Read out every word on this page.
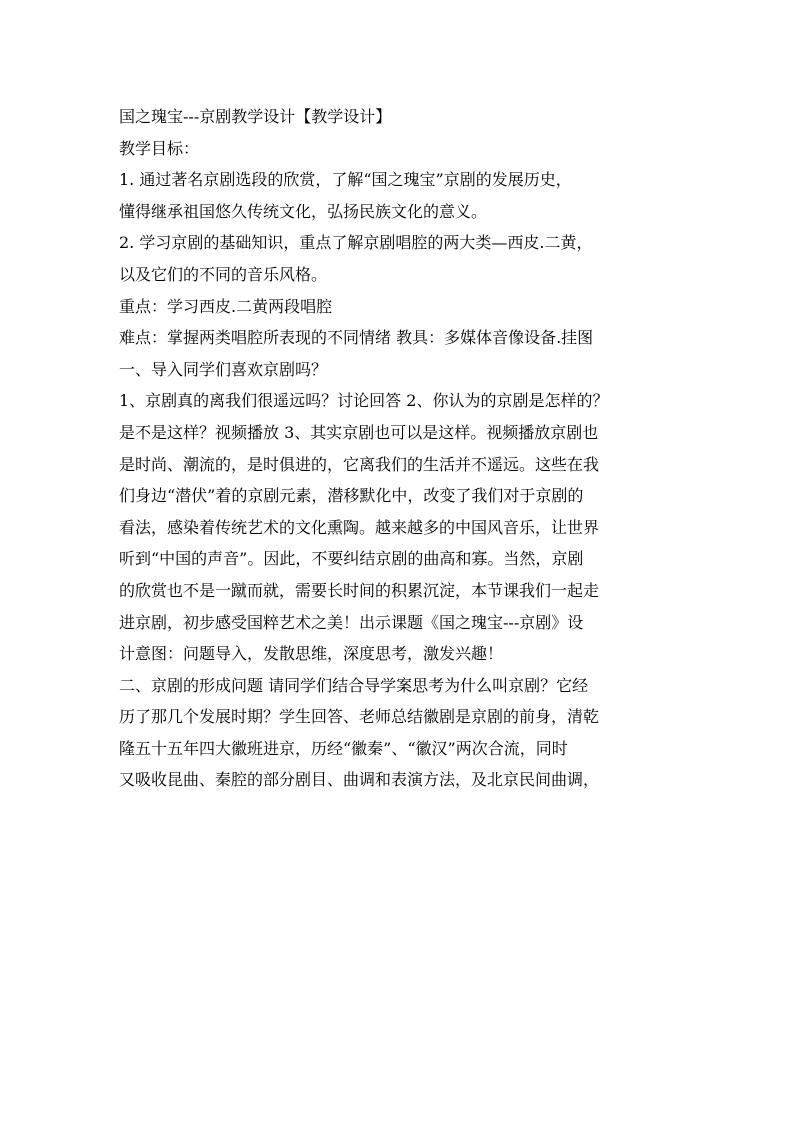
国之瑰宝---京剧教学设计【教学设计】
教学目标：
1. 通过著名京剧选段的欣赏，了解“国之瑰宝”京剧的发展历史，
懂得继承祖国悠久传统文化，弘扬民族文化的意义。
2. 学习京剧的基础知识，重点了解京剧唱腔的两大类—西皮.二黄，
以及它们的不同的音乐风格。
重点：学习西皮.二黄两段唱腔
难点：掌握两类唱腔所表现的不同情绪 教具：多媒体音像设备.挂图
一、导入同学们喜欢京剧吗？
1、京剧真的离我们很遥远吗？讨论回答 2、你认为的京剧是怎样的？
是不是这样？视频播放 3、其实京剧也可以是这样。视频播放京剧也
是时尚、潮流的，是时俱进的，它离我们的生活并不遥远。这些在我
们身边“潜伏”着的京剧元素，潜移默化中，改变了我们对于京剧的
看法，感染着传统艺术的文化熏陶。越来越多的中国风音乐，让世界
听到“中国的声音”。因此，不要纠结京剧的曲高和寡。当然，京剧
的欣赏也不是一蹴而就，需要长时间的积累沉淀，本节课我们一起走
进京剧，初步感受国粹艺术之美！出示课题《国之瑰宝---京剧》设
计意图：问题导入，发散思维，深度思考，激发兴趣！
二、京剧的形成问题 请同学们结合导学案思考为什么叫京剧？它经
历了那几个发展时期？学生回答、老师总结徽剧是京剧的前身，清乾
隆五十五年四大徽班进京，历经“徽秦”、“徽汉”两次合流，同时
又吸收昆曲、秦腔的部分剧目、曲调和表演方法，及北京民间曲调，
